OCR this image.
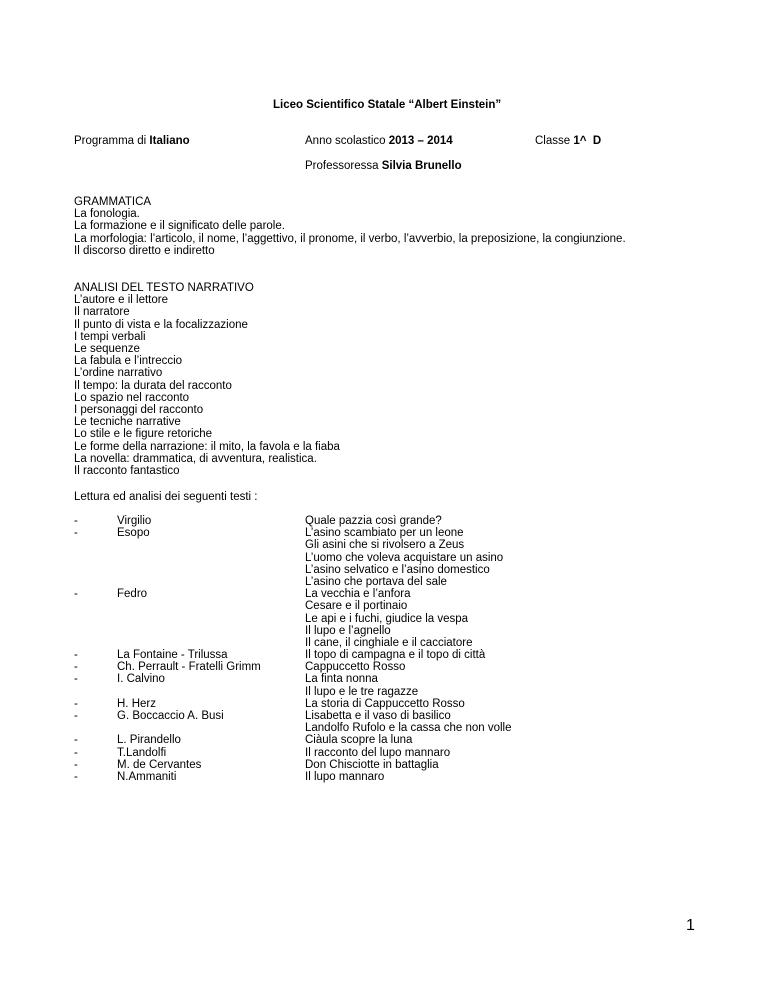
Liceo Scientifico Statale “Albert Einstein”
Programma di Italiano	Anno scolastico 2013 – 2014	Classe 1^  D
Professoressa Silvia Brunello
GRAMMATICA
La fonologia.
La formazione e il significato delle parole.
La morfologia: l’articolo, il nome, l’aggettivo, il pronome, il verbo, l’avverbio, la preposizione, la congiunzione.
Il discorso diretto e indiretto
ANALISI DEL TESTO NARRATIVO
L’autore e il lettore
Il narratore
Il punto di vista e la focalizzazione
I tempi verbali
Le sequenze
La fabula e l’intreccio
L’ordine narrativo
Il tempo: la durata del racconto
Lo spazio nel racconto
I personaggi del racconto
Le tecniche narrative
Lo stile e le figure retoriche
Le forme della narrazione: il mito, la favola e la fiaba
La novella: drammatica, di avventura, realistica.
Il racconto fantastico
Lettura ed analisi dei seguenti testi :
-
-
-
-
-
-
-
-
-
-
-
-
Virgilio
Esopo
Fedro
La Fontaine - Trilussa
Ch. Perrault - Fratelli Grimm
I. Calvino
H. Herz
G. Boccaccio A. Busi
L. Pirandello
T.Landolfi
M. de Cervantes
N.Ammaniti
Quale pazzia così grande?
L’asino scambiato per un leone
Gli asini che si rivolsero a Zeus
L’uomo che voleva acquistare un asino
L’asino selvatico e l’asino domestico
L’asino che portava del sale
La vecchia e l’anfora
Cesare e il portinaio
Le api e i fuchi, giudice la vespa
Il lupo e l’agnello
Il cane, il cinghiale e il cacciatore
Il topo di campagna e il topo di città
Cappuccetto Rosso
La finta nonna
Il lupo e le tre ragazze
La storia di Cappuccetto Rosso
Lisabetta e il vaso di basilico
Landolfo Rufolo e la cassa che non volle
Ciàula scopre la luna
Il racconto del lupo mannaro
Don Chisciotte in battaglia
Il lupo mannaro
1
